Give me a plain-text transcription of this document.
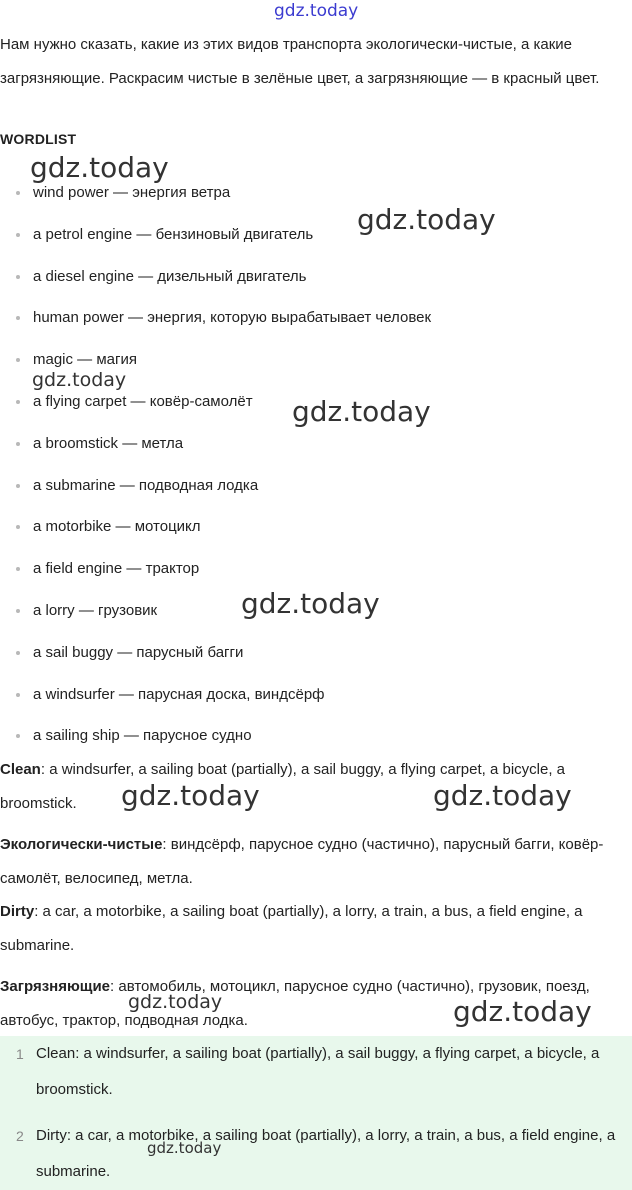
gdz.today

Нам нужно сказать, какие из этих видов транспорта экологически-чистые, а какие загрязняющие. Раскрасим чистые в зелёные цвет, а загрязняющие — в красный цвет.

WORDLIST
wind power — энергия ветра
a petrol engine — бензиновый двигатель
a diesel engine — дизельный двигатель
human power — энергия, которую вырабатывает человек
magic — магия
a flying carpet — ковёр-самолёт
a broomstick — метла
a submarine — подводная лодка
a motorbike — мотоцикл
a field engine — трактор
a lorry — грузовик
a sail buggy — парусный багги
a windsurfer — парусная доска, виндсёрф
a sailing ship — парусное судно

Clean: a windsurfer, a sailing boat (partially), a sail buggy, a flying carpet, a bicycle, a broomstick.

Экологически-чистые: виндсёрф, парусное судно (частично), парусный багги, ковёр-самолёт, велосипед, метла.

Dirty: a car, a motorbike, a sailing boat (partially), a lorry, a train, a bus, a field engine, a submarine.

Загрязняющие: автомобиль, мотоцикл, парусное судно (частично), грузовик, поезд, автобус, трактор, подводная лодка.

1 Clean: a windsurfer, a sailing boat (partially), a sail buggy, a flying carpet, a bicycle, a broomstick.
2 Dirty: a car, a motorbike, a sailing boat (partially), a lorry, a train, a bus, a field engine, a submarine.
gdz.today
gdz.today
gdz.today
gdz.today
gdz.today
gdz.today	gdz.today
gdz.today	gdz.today
gdz.today
